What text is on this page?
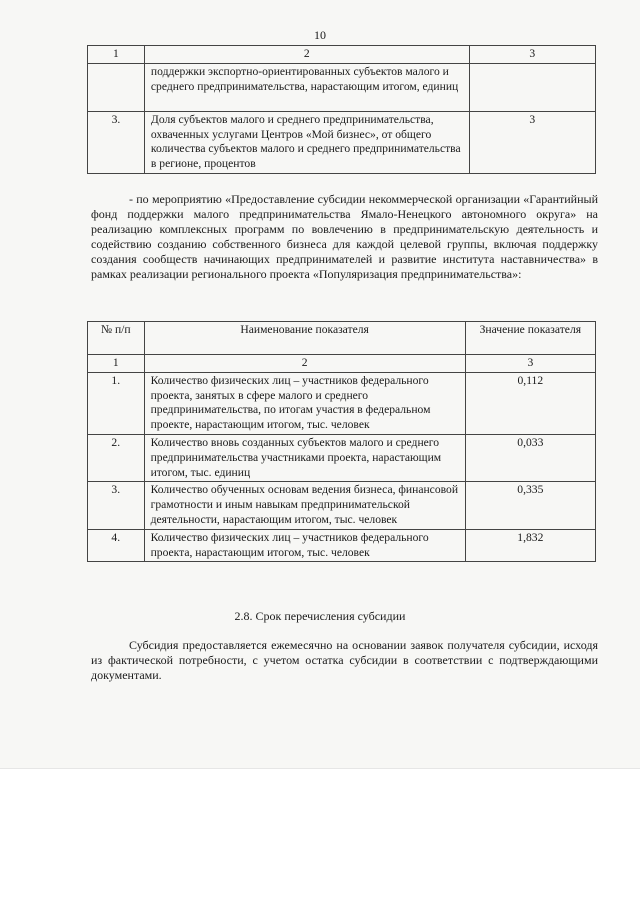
10
1	2	3
	поддержки экспортно-ориентированных субъектов малого и среднего предпринимательства, нарастающим итогом, единиц	
3.	Доля субъектов малого и среднего предпринимательства, охваченных услугами Центров «Мой бизнес», от общего количества субъектов малого и среднего предпринимательства в регионе, процентов	3

- по мероприятию «Предоставление субсидии некоммерческой организации «Гарантийный фонд поддержки малого предпринимательства Ямало-Ненецкого автономного округа» на реализацию комплексных программ по вовлечению в предпринимательскую деятельность и содействию созданию собственного бизнеса для каждой целевой группы, включая поддержку создания сообществ начинающих предпринимателей и развитие института наставничества» в рамках реализации регионального проекта «Популяризация предпринимательства»:

№ п/п	Наименование показателя	Значение показателя
1	2	3
1.	Количество физических лиц – участников федерального проекта, занятых в сфере малого и среднего предпринимательства, по итогам участия в федеральном проекте, нарастающим итогом, тыс. человек	0,112
2.	Количество вновь созданных субъектов малого и среднего предпринимательства участниками проекта, нарастающим итогом, тыс. единиц	0,033
3.	Количество обученных основам ведения бизнеса, финансовой грамотности и иным навыкам предпринимательской деятельности, нарастающим итогом, тыс. человек	0,335
4.	Количество физических лиц – участников федерального проекта, нарастающим итогом, тыс. человек	1,832
2.8. Срок перечисления субсидии

Субсидия предоставляется ежемесячно на основании заявок получателя субсидии, исходя из фактической потребности, с учетом остатка субсидии в соответствии с подтверждающими документами.
